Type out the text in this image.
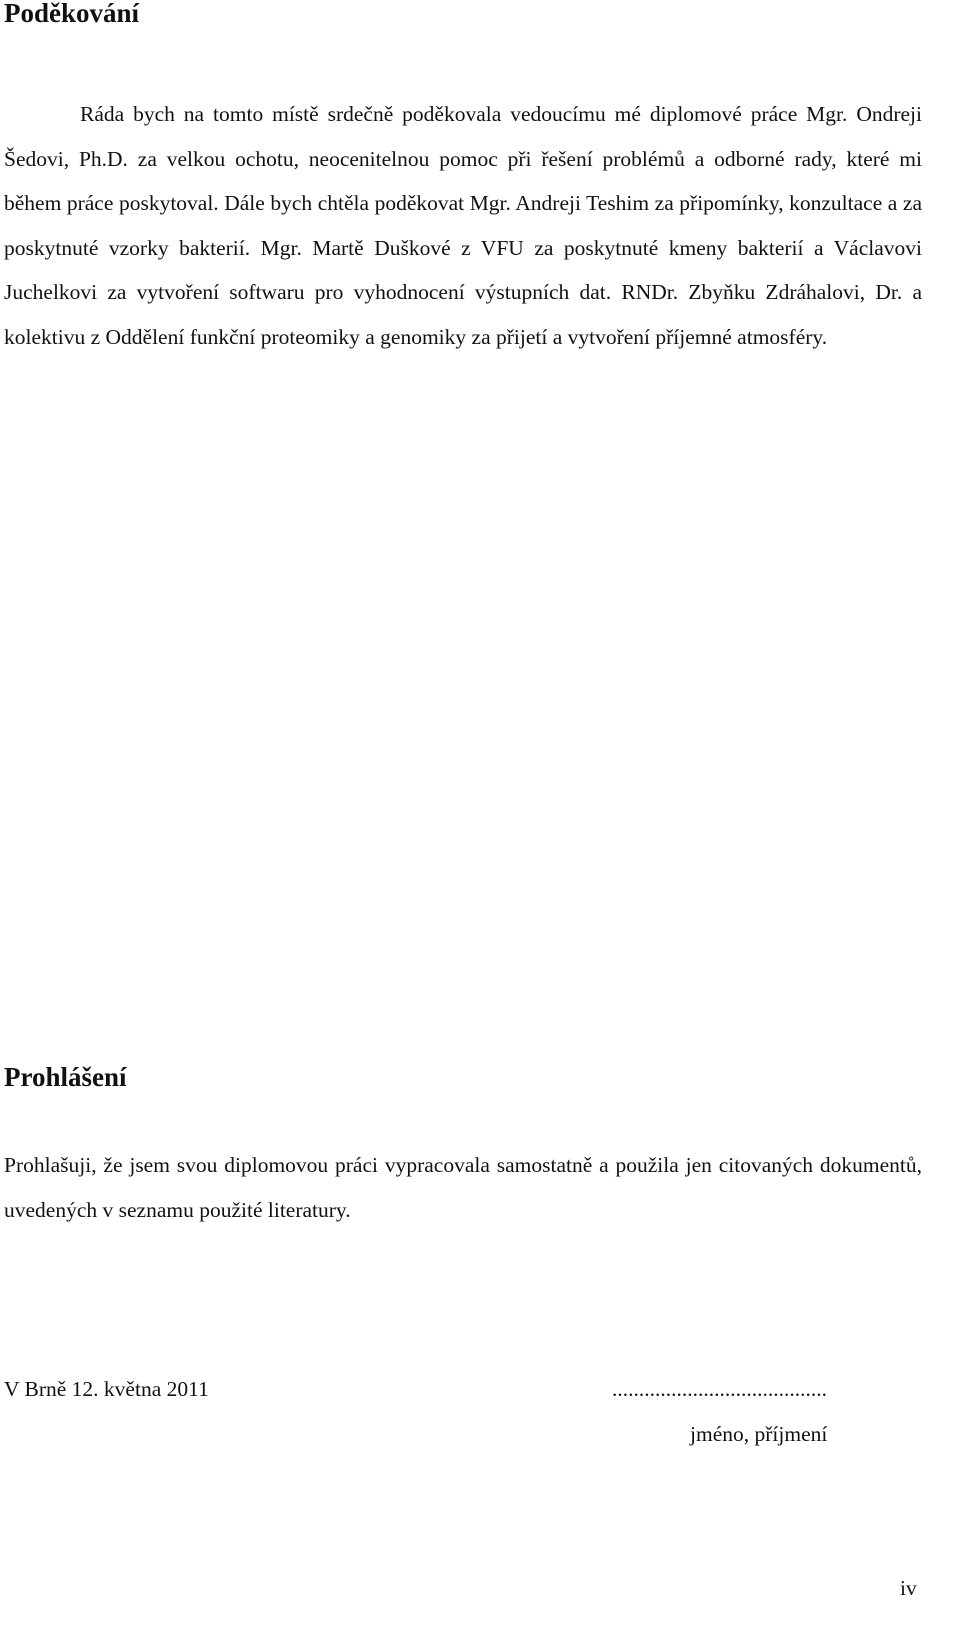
Poděkování

Ráda bych na tomto místě srdečně poděkovala vedoucímu mé diplomové práce Mgr. Ondreji Šedovi, Ph.D. za velkou ochotu, neocenitelnou pomoc při řešení problémů a odborné rady, které mi během práce poskytoval. Dále bych chtěla poděkovat Mgr. Andreji Teshim za připomínky, konzultace a za poskytnuté vzorky bakterií. Mgr. Martě Duškové z VFU za poskytnuté kmeny bakterií a Václavovi Juchelkovi za vytvoření softwaru pro vyhodnocení výstupních dat. RNDr. Zbyňku Zdráhalovi, Dr. a kolektivu z Oddělení funkční proteomiky a genomiky za přijetí a vytvoření příjemné atmosféry.

Prohlášení

Prohlašuji, že jsem svou diplomovou práci vypracovala samostatně a použila jen citovaných dokumentů, uvedených v seznamu použité literatury.

V Brně 12. května 2011	........................................
jméno, příjmení
iv
